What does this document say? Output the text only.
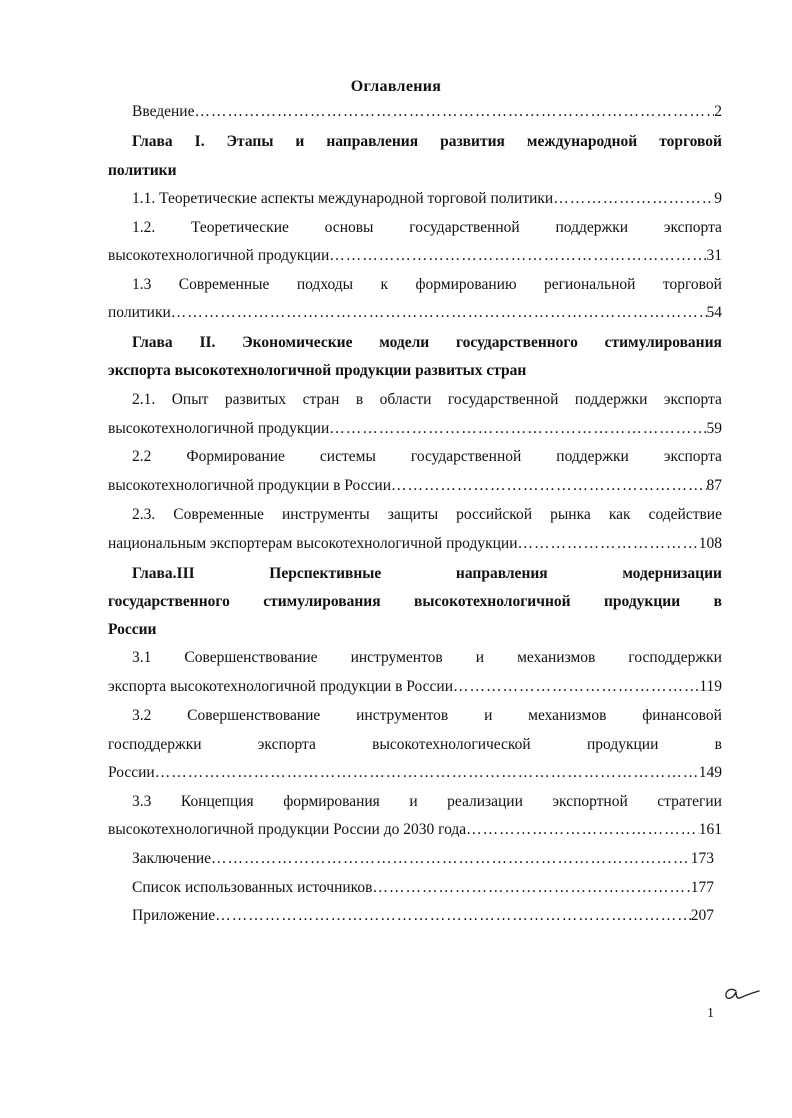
Оглавления
Введение …………………………………………………………………………………………………………………………………………………………………………	2
Глава I. Этапы и направления развития международной торговой
политики
1.1. Теоретические аспекты международной торговой политики …………………………………………………………………………………………………………………………………………………………………………	9
1.2. Теоретические основы государственной поддержки экспорта
высокотехнологичной продукции …………………………………………………………………………………………………………………………………………………………………………	31
1.3 Современные подходы к формированию региональной торговой
политики …………………………………………………………………………………………………………………………………………………………………………	54
Глава II. Экономические модели государственного стимулирования
экспорта высокотехнологичной продукции развитых стран
2.1. Опыт развитых стран в области государственной поддержки экспорта
высокотехнологичной продукции …………………………………………………………………………………………………………………………………………………………………………	59
2.2 Формирование системы государственной поддержки экспорта
высокотехнологичной продукции в России …………………………………………………………………………………………………………………………………………………………………………	87
2.3. Современные инструменты защиты российской рынка как содействие
национальным экспортерам высокотехнологичной продукции …………………………………………………………………………………………………………………………………………………………………………	108
Глава.III	Перспективные	направления	модернизации
государственного стимулирования высокотехнологичной продукции в
России
3.1 Совершенствование инструментов и механизмов господдержки
экспорта высокотехнологичной продукции в России …………………………………………………………………………………………………………………………………………………………………………	119
3.2 Совершенствование инструментов и механизмов финансовой
господдержки	экспорта	высокотехнологической	продукции	в
России …………………………………………………………………………………………………………………………………………………………………………	149
3.3 Концепция формирования и реализации экспортной стратегии
высокотехнологичной продукции России до 2030 года …………………………………………………………………………………………………………………………………………………………………………	161
Заключение …………………………………………………………………………………………………………………………………………………………………………	173
Список использованных источников …………………………………………………………………………………………………………………………………………………………………………	177
Приложение …………………………………………………………………………………………………………………………………………………………………………	207
1
